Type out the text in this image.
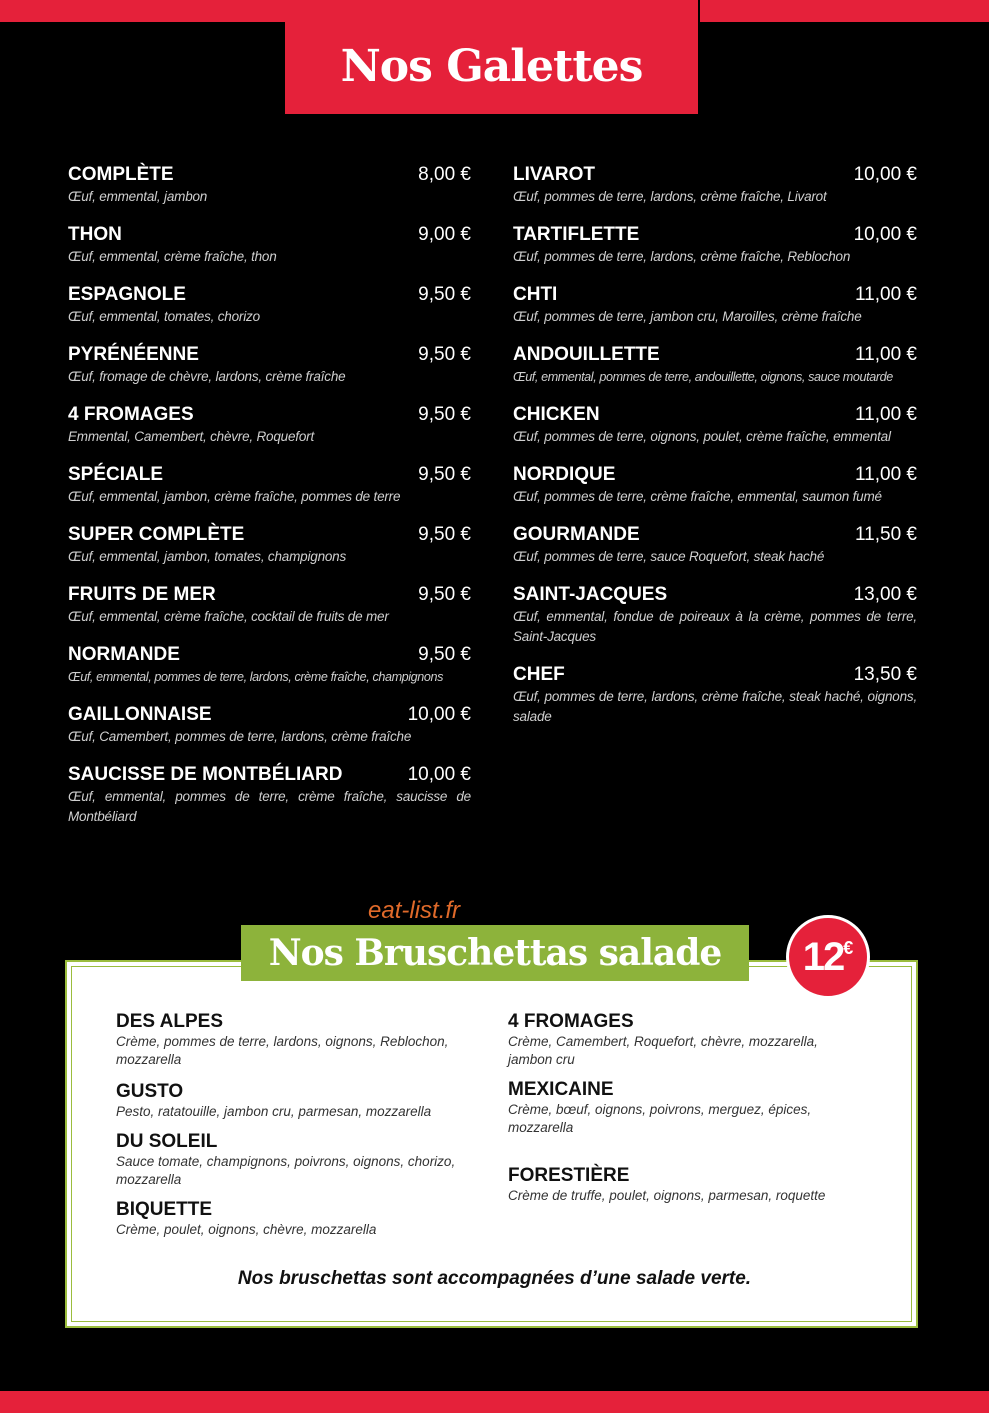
Nos Galettes
COMPLÈTE	8,00 €
Œuf, emmental, jambon
THON	9,00 €
Œuf, emmental, crème fraîche, thon
ESPAGNOLE	9,50 €
Œuf, emmental, tomates, chorizo
PYRÉNÉENNE	9,50 €
Œuf, fromage de chèvre, lardons, crème fraîche
4 FROMAGES	9,50 €
Emmental, Camembert, chèvre, Roquefort
SPÉCIALE	9,50 €
Œuf, emmental, jambon, crème fraîche, pommes de terre
SUPER COMPLÈTE	9,50 €
Œuf, emmental, jambon, tomates, champignons
FRUITS DE MER	9,50 €
Œuf, emmental, crème fraîche, cocktail de fruits de mer
NORMANDE	9,50 €
Œuf, emmental, pommes de terre, lardons, crème fraîche, champignons
GAILLONNAISE	10,00 €
Œuf, Camembert, pommes de terre, lardons, crème fraîche
SAUCISSE DE MONTBÉLIARD	10,00 €
Œuf, emmental, pommes de terre, crème fraîche, saucisse de Montbéliard
LIVAROT	10,00 €
Œuf, pommes de terre, lardons, crème fraîche, Livarot
TARTIFLETTE	10,00 €
Œuf, pommes de terre, lardons, crème fraîche, Reblochon
CHTI	11,00 €
Œuf, pommes de terre, jambon cru, Maroilles, crème fraîche
ANDOUILLETTE	11,00 €
Œuf, emmental, pommes de terre, andouillette, oignons, sauce moutarde
CHICKEN	11,00 €
Œuf, pommes de terre, oignons, poulet, crème fraîche, emmental
NORDIQUE	11,00 €
Œuf, pommes de terre, crème fraîche, emmental, saumon fumé
GOURMANDE	11,50 €
Œuf, pommes de terre, sauce Roquefort, steak haché
SAINT-JACQUES	13,00 €
Œuf, emmental, fondue de poireaux à la crème, pommes de terre, Saint-Jacques
CHEF	13,50 €
Œuf, pommes de terre, lardons, crème fraîche, steak haché, oignons, salade
eat-list.fr
Nos Bruschettas salade 12 €
DES ALPES
Crème, pommes de terre, lardons, oignons, Reblochon, mozzarella
GUSTO
Pesto, ratatouille, jambon cru, parmesan, mozzarella
DU SOLEIL
Sauce tomate, champignons, poivrons, oignons, chorizo, mozzarella
BIQUETTE
Crème, poulet, oignons, chèvre, mozzarella
4 FROMAGES
Crème, Camembert, Roquefort, chèvre, mozzarella, jambon cru
MEXICAINE
Crème, bœuf, oignons, poivrons, merguez, épices, mozzarella
FORESTIÈRE
Crème de truffe, poulet, oignons, parmesan, roquette
Nos bruschettas sont accompagnées d’une salade verte.
